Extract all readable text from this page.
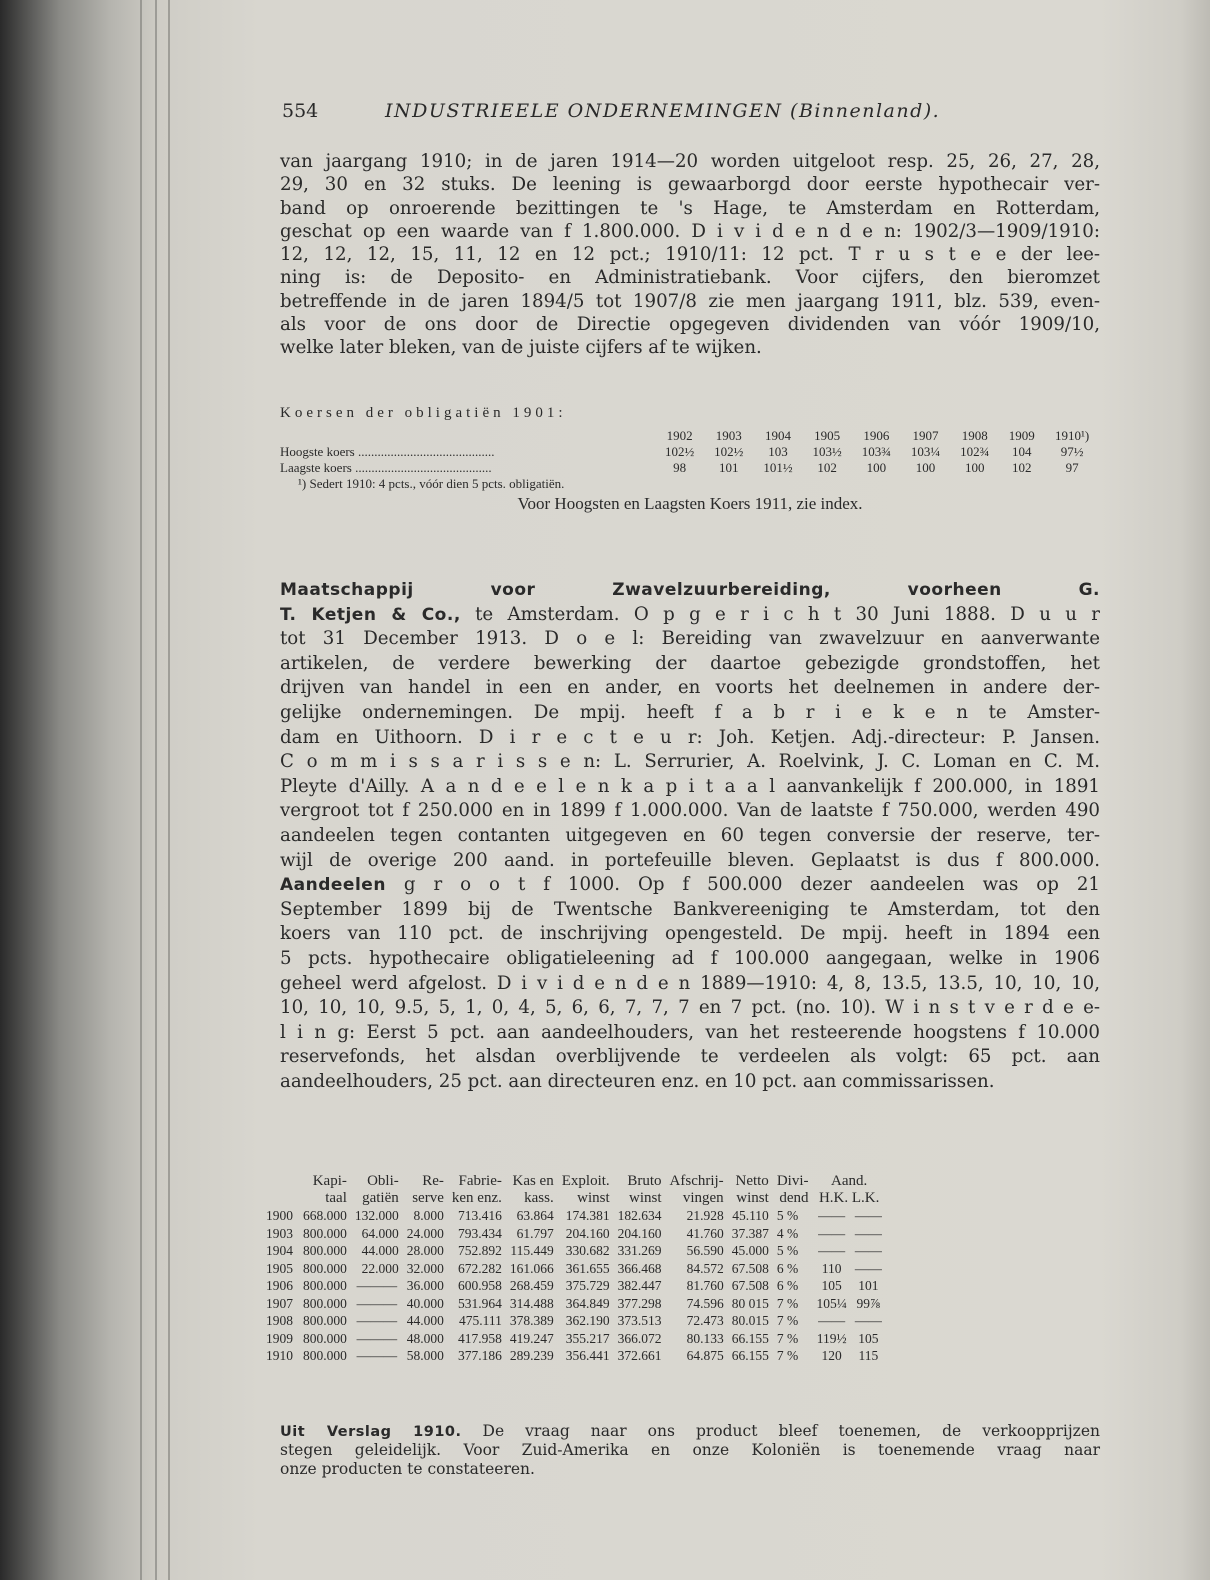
554	INDUSTRIEELE ONDERNEMINGEN (Binnenland).
van jaargang 1910; in de jaren 1914—20 worden uitgeloot resp. 25, 26, 27, 28,
29, 30 en 32 stuks. De leening is gewaarborgd door eerste hypothecair ver-
band op onroerende bezittingen te 's Hage, te Amsterdam en Rotterdam,
geschat op een waarde van f 1.800.000. D i v i d e n d e n: 1902/3—1909/1910:
12, 12, 12, 15, 11, 12 en 12 pct.; 1910/11: 12 pct. T r u s t e e der lee-
ning is: de Deposito- en Administratiebank. Voor cijfers, den bieromzet
betreffende in de jaren 1894/5 tot 1907/8 zie men jaargang 1911, blz. 539, even-
als voor de ons door de Directie opgegeven dividenden van vóór 1909/10,
welke later bleken, van de juiste cijfers af te wijken.
Koersen der obligatiën 1901:
	1902	1903	1904	1905	1906	1907	1908	1909	1910¹)
Hoogste koers ..........................................	102½	102½	103	103½	103¾	103¼	102¾	104	97½
Laagste koers ..........................................	98	101	101½	102	100	100	100	102	97
¹) Sedert 1910: 4 pcts., vóór dien 5 pcts. obligatiën.
Voor Hoogsten en Laagsten Koers 1911, zie index.
Maatschappij voor Zwavelzuurbereiding, voorheen G.
T. Ketjen & Co., te Amsterdam. O p g e r i c h t 30 Juni 1888. D u u r
tot 31 December 1913. D o e l: Bereiding van zwavelzuur en aanverwante
artikelen, de verdere bewerking der daartoe gebezigde grondstoffen, het
drijven van handel in een en ander, en voorts het deelnemen in andere der-
gelijke ondernemingen. De mpij. heeft f a b r i e k e n te Amster-
dam en Uithoorn. D i r e c t e u r: Joh. Ketjen. Adj.-directeur: P. Jansen.
C o m m i s s a r i s s e n: L. Serrurier, A. Roelvink, J. C. Loman en C. M.
Pleyte d'Ailly. A a n d e e l e n k a p i t a a l aanvankelijk f 200.000, in 1891
vergroot tot f 250.000 en in 1899 f 1.000.000. Van de laatste f 750.000, werden 490
aandeelen tegen contanten uitgegeven en 60 tegen conversie der reserve, ter-
wijl de overige 200 aand. in portefeuille bleven. Geplaatst is dus f 800.000.
Aandeelen g r o o t f 1000. Op f 500.000 dezer aandeelen was op 21
September 1899 bij de Twentsche Bankvereeniging te Amsterdam, tot den
koers van 110 pct. de inschrijving opengesteld. De mpij. heeft in 1894 een
5 pcts. hypothecaire obligatieleening ad f 100.000 aangegaan, welke in 1906
geheel werd afgelost. D i v i d e n d e n 1889—1910: 4, 8, 13.5, 13.5, 10, 10, 10,
10, 10, 10, 9.5, 5, 1, 0, 4, 5, 6, 6, 7, 7, 7 en 7 pct. (no. 10). W i n s t v e r d e e-
l i n g: Eerst 5 pct. aan aandeelhouders, van het resteerende hoogstens f 10.000
reservefonds, het alsdan overblijvende te verdeelen als volgt: 65 pct. aan
aandeelhouders, 25 pct. aan directeuren enz. en 10 pct. aan commissarissen.
	Kapi-	Obli-	Re-	Fabrie-	Kas en	Exploit.	Bruto	Afschrij-	Netto	Divi-	Aand.	
	taal	gatiën	serve	ken enz.	kass.	winst	winst	vingen	winst	dend	H.K. L.K.	
1900	668.000	132.000	8.000	713.416	63.864	174.381	182.634	21.928	45.110	5 %	——	——
1903	800.000	64.000	24.000	793.434	61.797	204.160	204.160	41.760	37.387	4 %	——	——
1904	800.000	44.000	28.000	752.892	115.449	330.682	331.269	56.590	45.000	5 %	——	——
1905	800.000	22.000	32.000	672.282	161.066	361.655	366.468	84.572	67.508	6 %	110	——
1906	800.000	———	36.000	600.958	268.459	375.729	382.447	81.760	67.508	6 %	105	101
1907	800.000	———	40.000	531.964	314.488	364.849	377.298	74.596	80 015	7 %	105¼	99⅞
1908	800.000	———	44.000	475.111	378.389	362.190	373.513	72.473	80.015	7 %	——	——
1909	800.000	———	48.000	417.958	419.247	355.217	366.072	80.133	66.155	7 %	119½	105
1910	800.000	———	58.000	377.186	289.239	356.441	372.661	64.875	66.155	7 %	120	115
Uit Verslag 1910. De vraag naar ons product bleef toenemen, de verkoopprijzen
stegen geleidelijk. Voor Zuid-Amerika en onze Koloniën is toenemende vraag naar
onze producten te constateeren.
